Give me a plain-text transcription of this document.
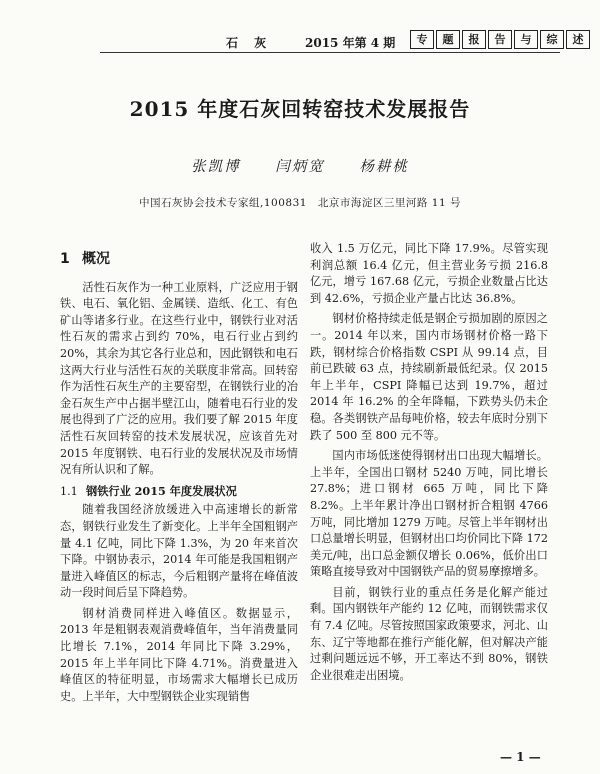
石 灰	2015 年第 4 期	专	题	报	告	与	综	述
2015 年度石灰回转窑技术发展报告
张凯博 闫炳宽 杨耕桃
中国石灰协会技术专家组,100831　北京市海淀区三里河路 11 号
1 概况

活性石灰作为一种工业原料，广泛应用于钢铁、电石、氧化铝、金属镁、造纸、化工、有色矿山等诸多行业。在这些行业中，钢铁行业对活性石灰的需求占到约 70%，电石行业占到约 20%，其余为其它各行业总和，因此钢铁和电石这两大行业与活性石灰的关联度非常高。回转窑作为活性石灰生产的主要窑型，在钢铁行业的冶金石灰生产中占据半壁江山，随着电石行业的发展也得到了广泛的应用。我们要了解 2015 年度活性石灰回转窑的技术发展状况，应该首先对 2015 年度钢铁、电石行业的发展状况及市场情况有所认识和了解。

1.1 钢铁行业 2015 年度发展状况

随着我国经济放缓进入中高速增长的新常态，钢铁行业发生了新变化。上半年全国粗钢产量 4.1 亿吨，同比下降 1.3%，为 20 年来首次下降。中钢协表示，2014 年可能是我国粗钢产量进入峰值区的标志，今后粗钢产量将在峰值波动一段时间后呈下降趋势。

钢材消费同样进入峰值区。数据显示，2013 年是粗钢表观消费峰值年，当年消费量同比增长 7.1%，2014 年同比下降 3.29%，2015 年上半年同比下降 4.71%。消费量进入峰值区的特征明显，市场需求大幅增长已成历史。上半年，大中型钢铁企业实现销售

收入 1.5 万亿元，同比下降 17.9%。尽管实现利润总额 16.4 亿元，但主营业务亏损 216.8 亿元，增亏 167.68 亿元，亏损企业数量占比达到 42.6%，亏损企业产量占比达 36.8%。

钢材价格持续走低是钢企亏损加剧的原因之一。2014 年以来，国内市场钢材价格一路下跌，钢材综合价格指数 CSPI 从 99.14 点，目前已跌破 63 点，持续刷新最低纪录。仅 2015 年上半年，CSPI 降幅已达到 19.7%，超过 2014 年 16.2% 的全年降幅，下跌势头仍未企稳。各类钢铁产品每吨价格，较去年底时分别下跌了 500 至 800 元不等。

国内市场低迷使得钢材出口出现大幅增长。上半年，全国出口钢材 5240 万吨，同比增长 27.8%；进口钢材 665 万吨，同比下降 8.2%。上半年累计净出口钢材折合粗钢 4766 万吨，同比增加 1279 万吨。尽管上半年钢材出口总量增长明显，但钢材出口均价同比下降 172 美元/吨，出口总金额仅增长 0.06%，低价出口策略直接导致对中国钢铁产品的贸易摩擦增多。

目前，钢铁行业的重点任务是化解产能过剩。国内钢铁年产能约 12 亿吨，而钢铁需求仅有 7.4 亿吨。尽管按照国家政策要求，河北、山东、辽宁等地都在推行产能化解，但对解决产能过剩问题远远不够，开工率达不到 80%，钢铁企业很难走出困境。

— 1 —
